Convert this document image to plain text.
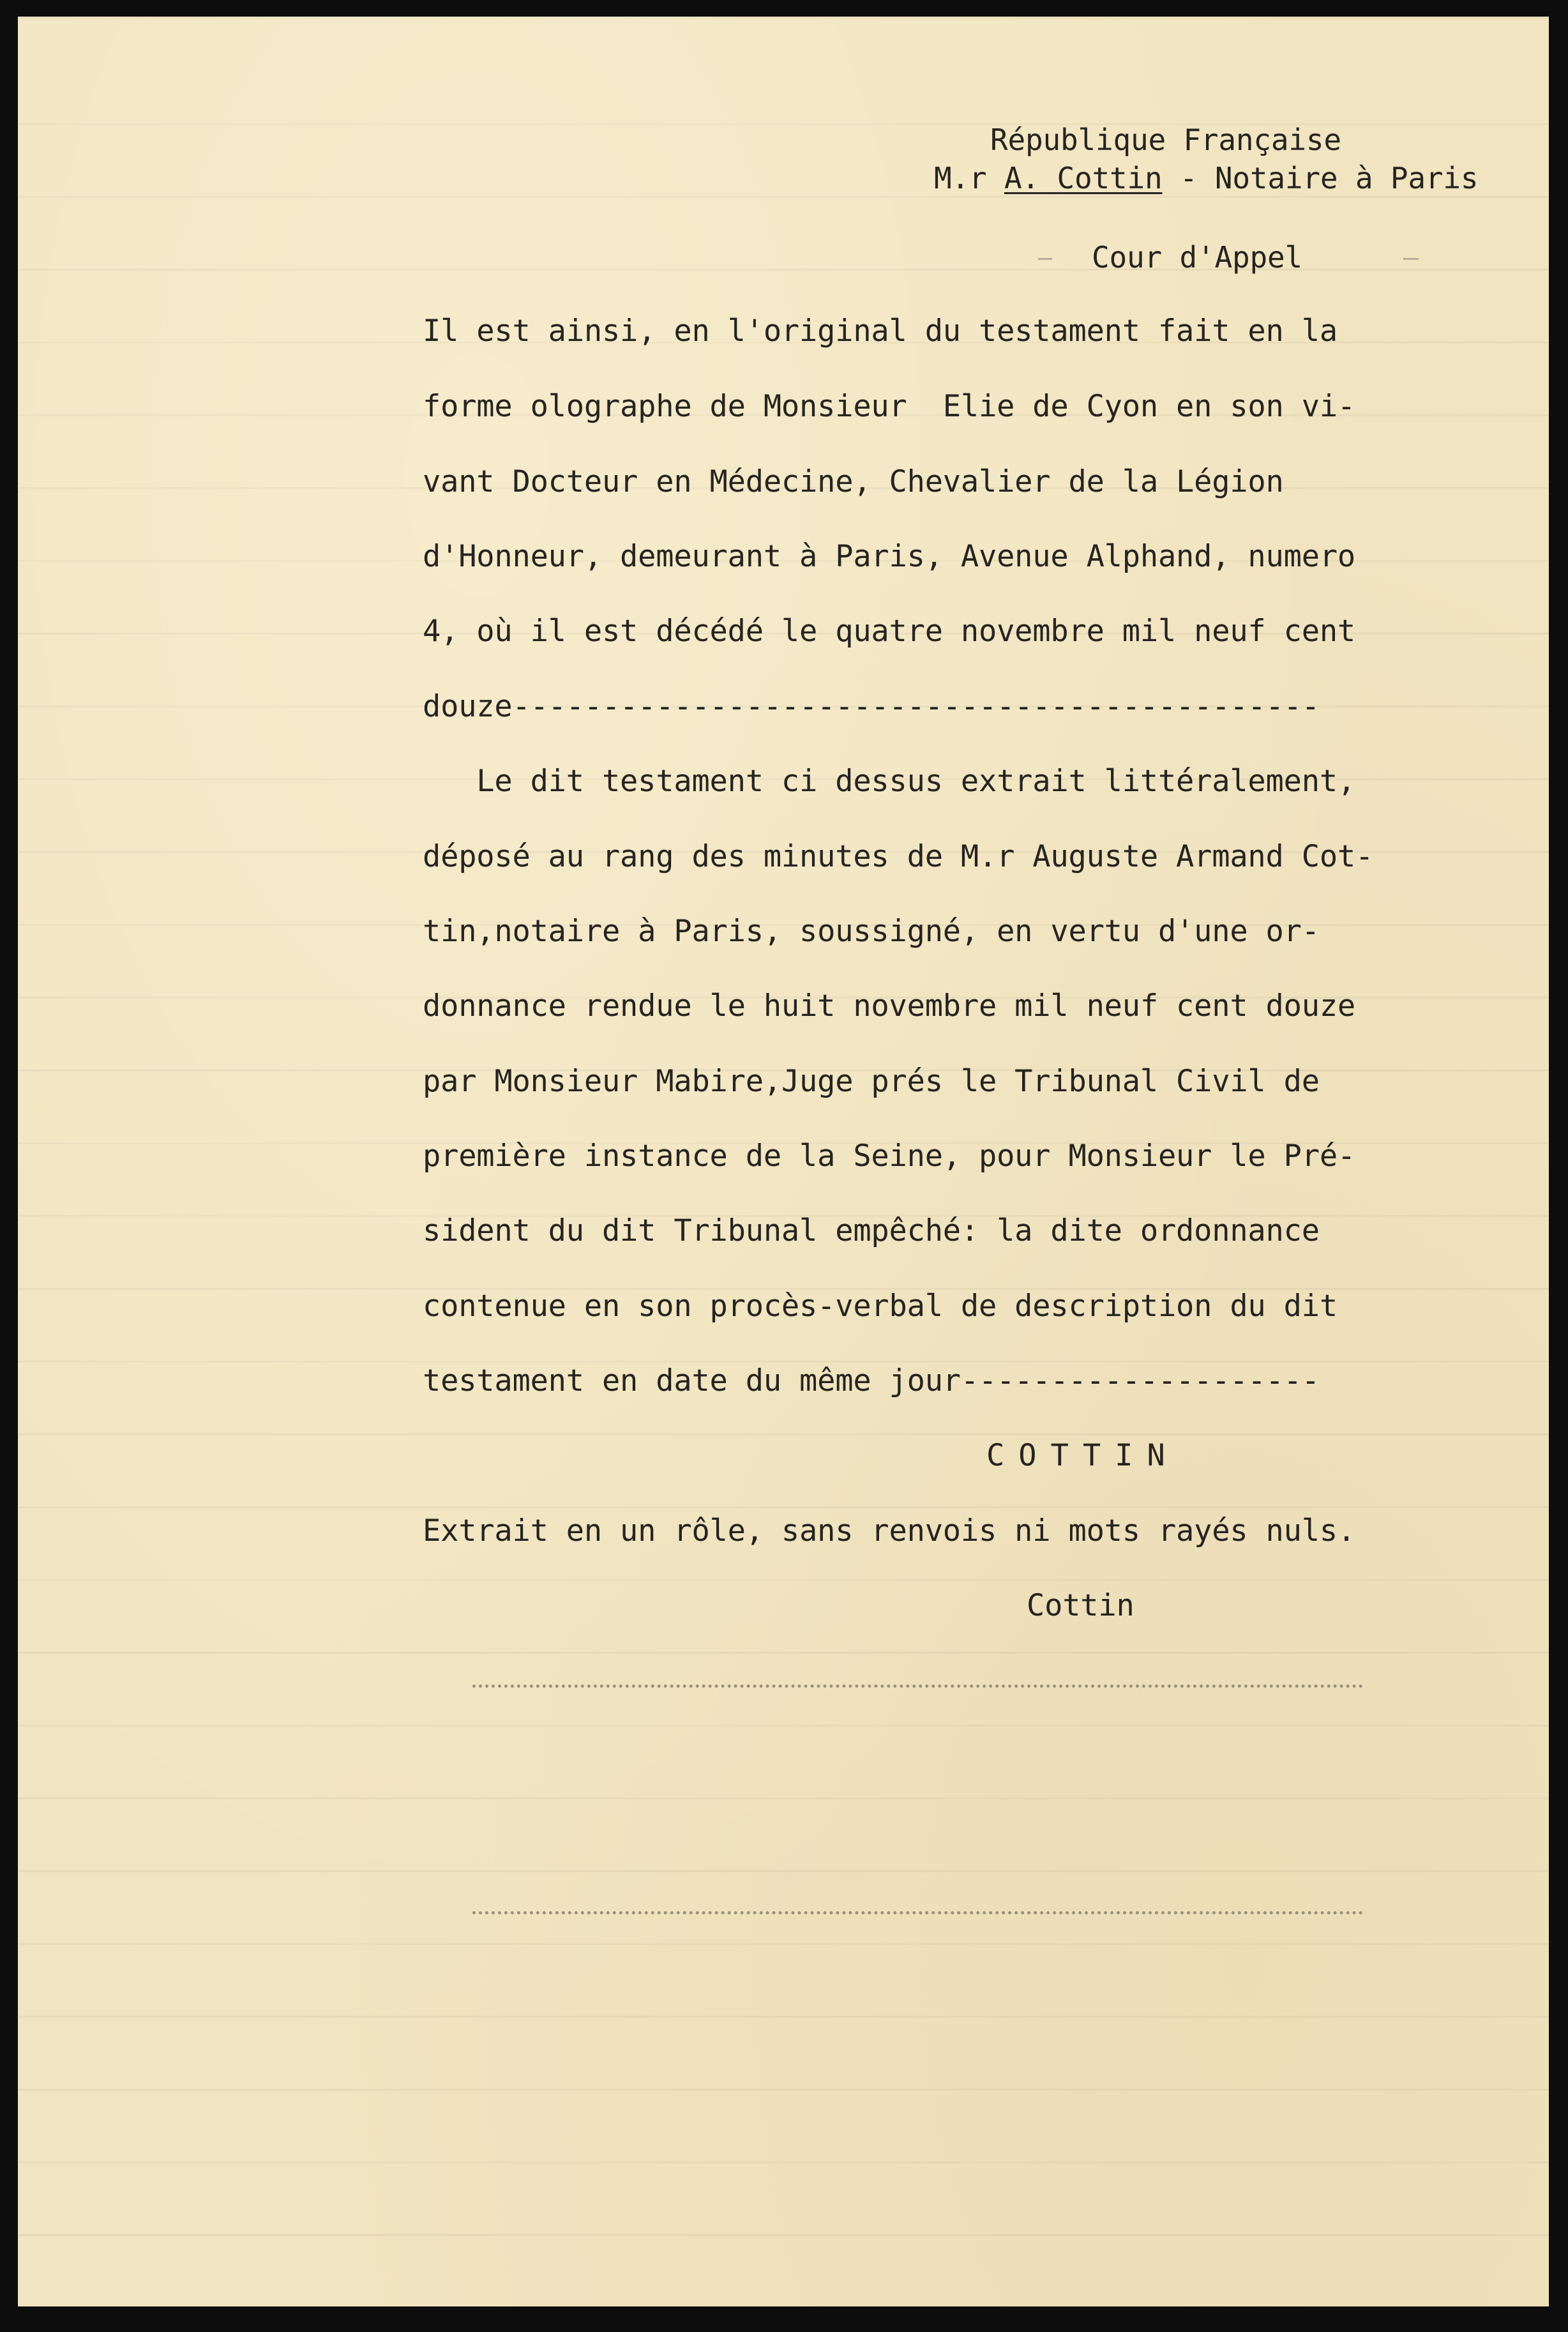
République Française
M.r A. Cottin - Notaire à Paris
Cour d'Appel
Il est ainsi, en l'original du testament fait en la
forme olographe de Monsieur  Elie de Cyon en son vi-
vant Docteur en Médecine, Chevalier de la Légion
d'Honneur, demeurant à Paris, Avenue Alphand, numero
4, où il est décédé le quatre novembre mil neuf cent
douze---------------------------------------------
Le dit testament ci dessus extrait littéralement,
déposé au rang des minutes de M.r Auguste Armand Cot-
tin,notaire à Paris, soussigné, en vertu d'une or-
donnance rendue le huit novembre mil neuf cent douze
par Monsieur Mabire,Juge prés le Tribunal Civil de
première instance de la Seine, pour Monsieur le Pré-
sident du dit Tribunal empêché: la dite ordonnance
contenue en son procès-verbal de description du dit
testament en date du même jour--------------------
COTTIN
Extrait en un rôle, sans renvois ni mots rayés nuls.
Cottin
